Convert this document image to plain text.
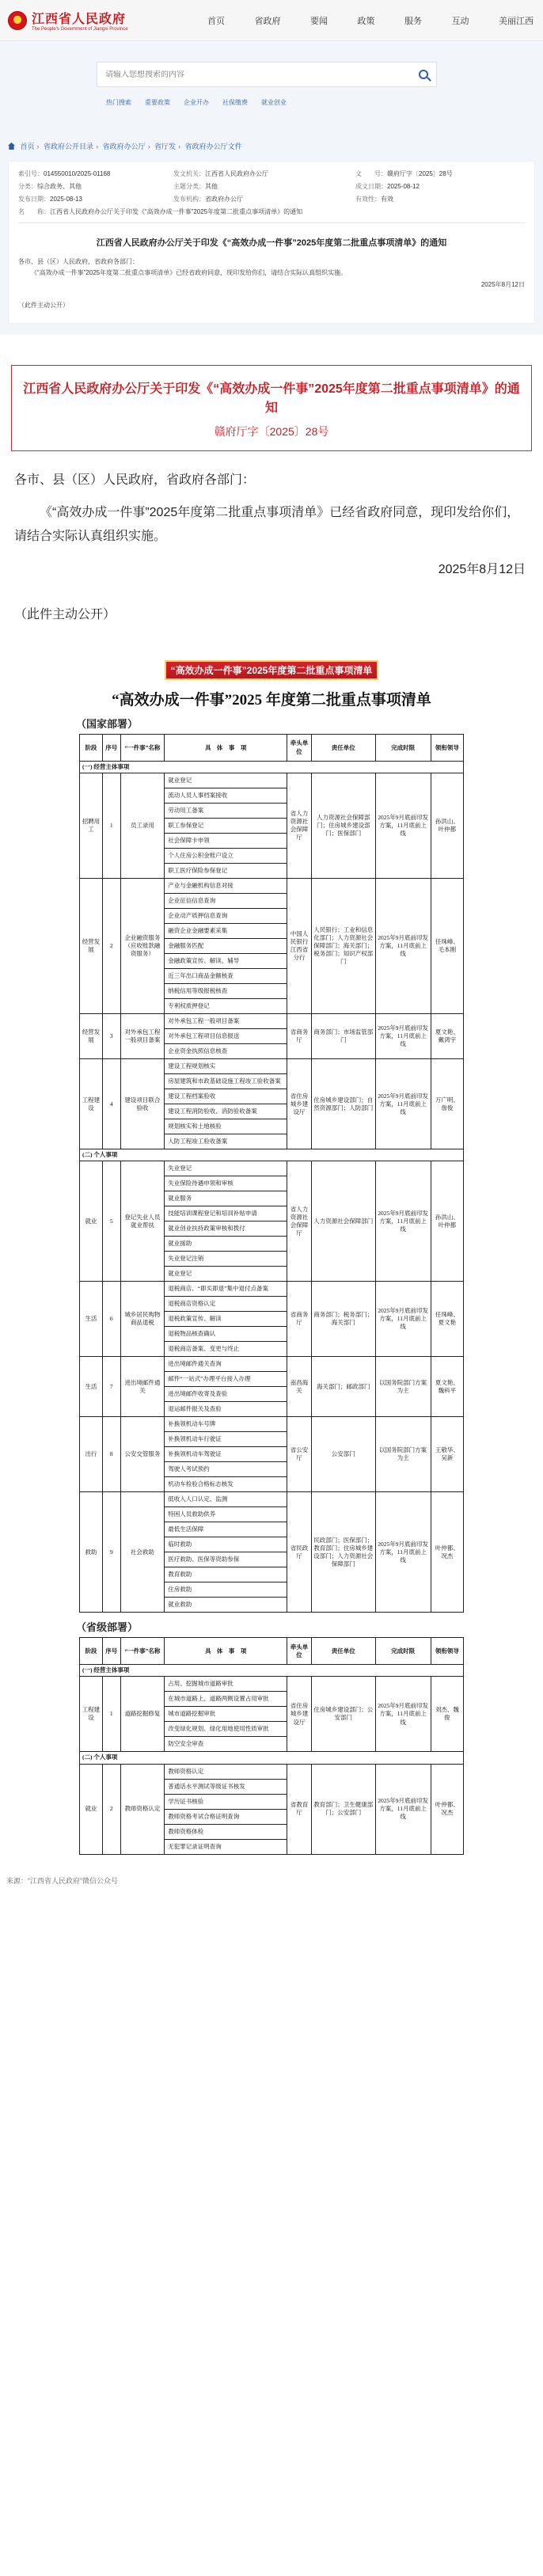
★ 江西省人民政府
The People's Government of Jiangxi Province
首页	省政府	要闻	政策	服务	互动	美丽江西
请输入您想搜索的内容
热门搜索 重要政策 企业开办 社保缴费 就业创业
首页 › 省政府公开目录 › 省政府办公厅 › 省厅发 › 省政府办公厅文件
索引号：014550010/2025-01168	发文机关：江西省人民政府办公厅	文　　号：赣府厅字〔2025〕28号
分类：综合政务、其他	主题分类：其他	成文日期：2025-08-12
发布日期：2025-08-13	发布机构：省政府办公厅	有效性：有效
名　　称：江西省人民政府办公厅关于印发《“高效办成一件事”2025年度第二批重点事项清单》的通知
江西省人民政府办公厅关于印发《“高效办成一件事”2025年度第二批重点事项清单》的通知
各市、县（区）人民政府，省政府各部门：
《“高效办成一件事”2025年度第二批重点事项清单》已经省政府同意，现印发给你们，请结合实际认真组织实施。
2025年8月12日
（此件主动公开）
江西省人民政府办公厅关于印发《“高效办成一件事”2025年度第二批重点事项清单》的通知
赣府厅字〔2025〕28号

各市、县（区）人民政府，省政府各部门：

《“高效办成一件事”2025年度第二批重点事项清单》已经省政府同意，现印发给你们，请结合实际认真组织实施。

2025年8月12日

（此件主动公开）

“高效办成一件事”2025年度第二批重点事项清单
“高效办成一件事”2025 年度第二批重点事项清单
（国家部署）
阶段	序号	“一件事”名称	具　体　事　项	牵头单位	责任单位	完成时限	领衔领导
(一) 经营主体事项							
招聘用工	1	员工录用	就业登记	省人力资源社会保障厅	人力资源社会保障部门；住房城乡建设部门；医保部门	2025年9月底前印发方案，11月底前上线	孙洪山、叶仲都
			流动人员人事档案接收				
			劳动用工备案				
			职工参保登记				
			社会保障卡申领				
			个人住房公积金账户设立				
			职工医疗保险参保登记				
经营发展	2	企业融资服务（应收账款融资服务）	产业与金融机构信息对接	中国人民银行江西省分行	人民银行；工业和信息化部门；人力资源社会保障部门；海关部门；税务部门；知识产权部门	2025年9月底前印发方案，11月底前上线	任珠峰、毛本刚
			企业征信信息查询				
			企业动产质押信息查询				
			融资企业金融要素采集				
			金融服务匹配				
			金融政策宣传、解读、辅导				
			近三年出口商品金额核查				
			纳税信用等级报税核查				
			专利权质押登记				
经营发展	3	对外承包工程一般项目备案	对外承包工程一般项目备案	省商务厅	商务部门；市场监管部门	2025年9月底前印发方案，11月底前上线	夏文艳、戴鸿宇
			对外承包工程项目信息报送				
			企业资金执照信息核查				
工程建设	4	建设项目联合验收	建设工程规划核实	省住房城乡建设厅	住房城乡建设部门；自然资源部门；人防部门	2025年9月底前印发方案，11月底前上线	万广明、詹俊
			房屋建筑和市政基础设施工程竣工验收备案				
			建设工程档案验收				
			建设工程消防验收、消防验收备案				
			规划核实和土地核验				
			人防工程竣工验收备案				
(二) 个人事项							
就业	5	登记失业人员就业帮扶	失业登记	省人力资源社会保障厅	人力资源社会保障部门	2025年9月底前印发方案，11月底前上线	孙洪山、叶仲都
			失业保险待遇申领和审核				
			就业服务				
			技能培训课程登记和培训补贴申请				
			就业创业扶持政策审核和拨付				
			就业援助				
			失业登记注销				
			就业登记				
生活	6	城乡居民购物商品退税	退税商店、“即买即退”集中退付点备案	省商务厅	商务部门；税务部门；海关部门	2025年9月底前印发方案，11月底前上线	任珠峰、夏文艳
			退税商店资格认定				
			退税政策宣传、解读				
			退税物品核查确认				
			退税商店备案、变更与终止				
生活	7	进出境邮件通关	进出境邮件通关查询	南昌海关	海关部门；邮政部门	以国务院部门方案为主	夏文艳、魏科平
			邮件“一站式”办理平台接入办理				
			进出境邮件收寄及查验				
			退运邮件报关及查验				
出行	8	公安交管服务	补换领机动车号牌	省公安厅	公安部门	以国务院部门方案为主	王敬华、吴新
			补换领机动车行驶证				
			补换领机动车驾驶证				
			驾驶人考试预约				
			机动车检验合格标志核发				
救助	9	社会救助	低收入人口认定、监测	省民政厅	民政部门；医保部门；教育部门；住房城乡建设部门；人力资源社会保障部门	2025年9月底前印发方案，11月底前上线	叶仲都、况杰
			特困人员救助供养				
			最低生活保障				
			临时救助				
			医疗救助、医保等资助参保				
			教育救助				
			住房救助				
			就业救助				
（省级部署）
阶段	序号	“一件事”名称	具　体　事　项	牵头单位	责任单位	完成时限	领衔领导
(一) 经营主体事项							
工程建设	1	道路挖掘修复	占用、挖掘城市道路审批	省住房城乡建设厅	住房城乡建设部门；公安部门	2025年9月底前印发方案，11月底前上线	刘杰、魏俊
			在城市道路上、道路两侧设置占用审批				
			城市道路挖掘审批				
			改变绿化规划、绿化用地使用性质审批				
			防空安全审查				
(二) 个人事项							
就业	2	教师资格认定	教师资格认定	省教育厅	教育部门；卫生健康部门；公安部门	2025年9月底前印发方案，11月底前上线	叶仲都、况杰
			普通话水平测试等级证书核发				
			学历证书核验				
			教师资格考试合格证明查询				
			教师资格体检				
			无犯罪记录证明查询				
来源：“江西省人民政府”微信公众号
